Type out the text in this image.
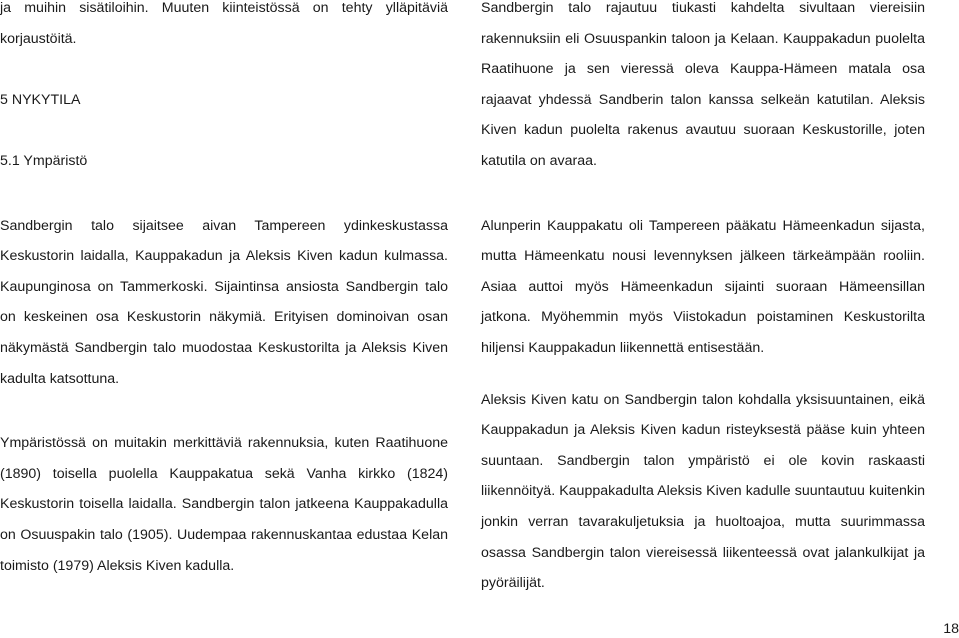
ja muihin sisätiloihin. Muuten kiinteistössä on tehty ylläpitäviä

korjaustöitä.

5 NYKYTILA
5.1 Ympäristö

Sandbergin talo sijaitsee aivan Tampereen ydinkeskustassa Keskustorin laidalla, Kauppakadun ja Aleksis Kiven kadun kulmassa. Kaupunginosa on Tammerkoski. Sijaintinsa ansiosta Sandbergin talo on keskeinen osa Keskustorin näkymiä. Erityisen dominoivan osan näkymästä Sandbergin talo muodostaa Keskustorilta ja Aleksis Kiven kadulta katsottuna.

Ympäristössä on muitakin merkittäviä rakennuksia, kuten Raatihuone (1890) toisella puolella Kauppakatua sekä Vanha kirkko (1824) Keskustorin toisella laidalla. Sandbergin talon jatkeena Kauppakadulla on Osuuspakin talo (1905). Uudempaa rakennuskantaa edustaa Kelan toimisto (1979) Aleksis Kiven kadulla.

Sandbergin talo rajautuu tiukasti kahdelta sivultaan viereisiin rakennuksiin eli Osuuspankin taloon ja Kelaan. Kauppakadun puolelta Raatihuone ja sen vieressä oleva Kauppa-Hämeen matala osa rajaavat yhdessä Sandberin talon kanssa selkeän katutilan. Aleksis Kiven kadun puolelta rakenus avautuu suoraan Keskustorille, joten katutila on avaraa.

Alunperin Kauppakatu oli Tampereen pääkatu Hämeenkadun sijasta, mutta Hämeenkatu nousi levennyksen jälkeen tärkeämpään rooliin. Asiaa auttoi myös Hämeenkadun sijainti suoraan Hämeensillan jatkona. Myöhemmin myös Viistokadun poistaminen Keskustorilta hiljensi Kauppakadun liikennettä entisestään.

Aleksis Kiven katu on Sandbergin talon kohdalla yksisuuntainen, eikä Kauppakadun ja Aleksis Kiven kadun risteyksestä pääse kuin yhteen suuntaan. Sandbergin talon ympäristö ei ole kovin raskaasti liikennöityä. Kauppakadulta Aleksis Kiven kadulle suuntautuu kuitenkin jonkin verran tavarakuljetuksia ja huoltoajoa, mutta suurimmassa osassa Sandbergin talon viereisessä liikenteessä ovat jalankulkijat ja pyöräilijät.

18
